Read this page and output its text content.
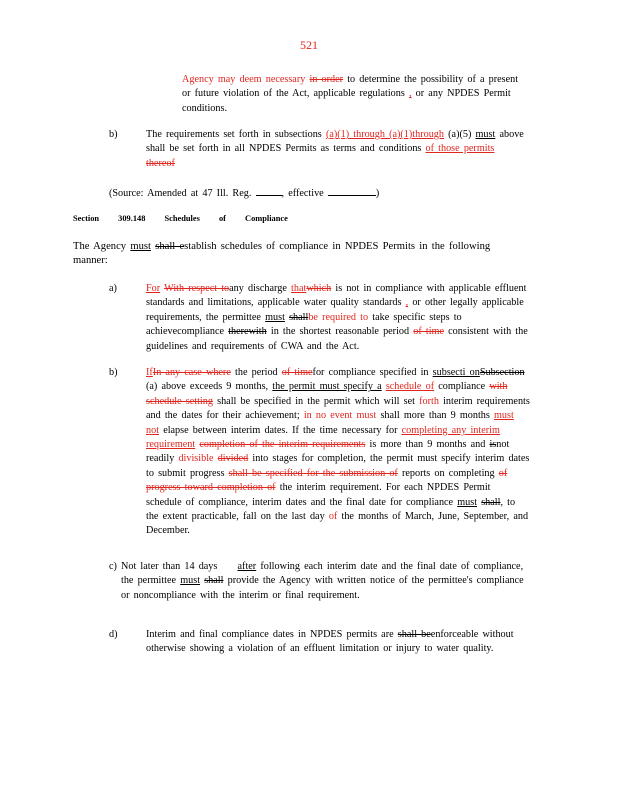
521
Agency may deem necessary in order to determine the possibility of a present or future violation of the Act, applicable regulations , or any NPDES Permit conditions.
b)	The requirements set forth in subsections (a)(1) through (a)(1)through (a)(5) must above shall be set forth in all NPDES Permits as terms and conditions of those permits thereof
(Source: Amended at 47 Ill. Reg.	, effective	)
Section 309.148 Schedules of Compliance
The Agency must shall establish schedules of compliance in NPDES Permits in the following manner:
a)	For With respect toany discharge thatwhich is not in compliance with applicable effluent standards and limitations, applicable water quality standards , or other legally applicable requirements, the permittee must shallbe required to take specific steps to achievecompliance therewith in the shortest reasonable period of time consistent with the guidelines and requirements of CWA and the Act.
b)	IfIn any case where the period of timefor compliance specified in subsecti onSubsection (a) above exceeds 9 months, the permit must specify a schedule of compliance with schedule setting shall be specified in the permit which will set forth interim requirements and the dates for their achievement; in no event must shall more than 9 months must not elapse between interim dates. If the time necessary for completing any interim requirement completion of the interim requirements is more than 9 months and isnot readily divisible divided into stages for completion, the permit must specify interim dates to submit progress shall be specified for the submission of reports on completing of progress toward completion of the interim requirement. For each NPDES Permit schedule of compliance, interim dates and the final date for compliance must shall, to the extent practicable, fall on the last day of the months of March, June, September, and December.
c) Not later than 14 days after following each interim date and the final date of compliance, the permittee must shall provide the Agency with written notice of the permittee's compliance or noncompliance with the interim or final requirement.
d)	Interim and final compliance dates in NPDES permits are shall beenforceable without otherwise showing a violation of an effluent limitation or injury to water quality.
